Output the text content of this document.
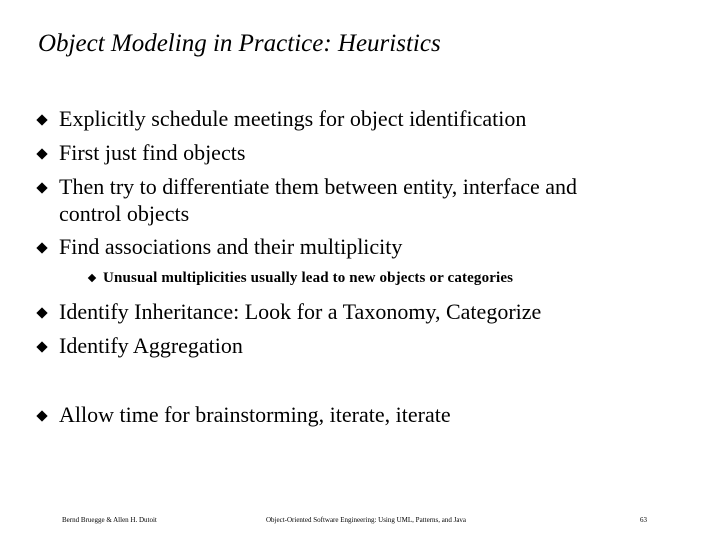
Object Modeling in Practice: Heuristics
Explicitly schedule meetings for object identification
First just find objects
Then try to differentiate them between entity, interface and
control objects
Find associations and their multiplicity
Unusual multiplicities usually lead to new objects or categories
Identify Inheritance: Look for a Taxonomy, Categorize
Identify Aggregation
Allow time for brainstorming, iterate, iterate
Bernd Bruegge & Allen H. Dutoit	Object-Oriented Software Engineering: Using UML, Patterns, and Java	63
